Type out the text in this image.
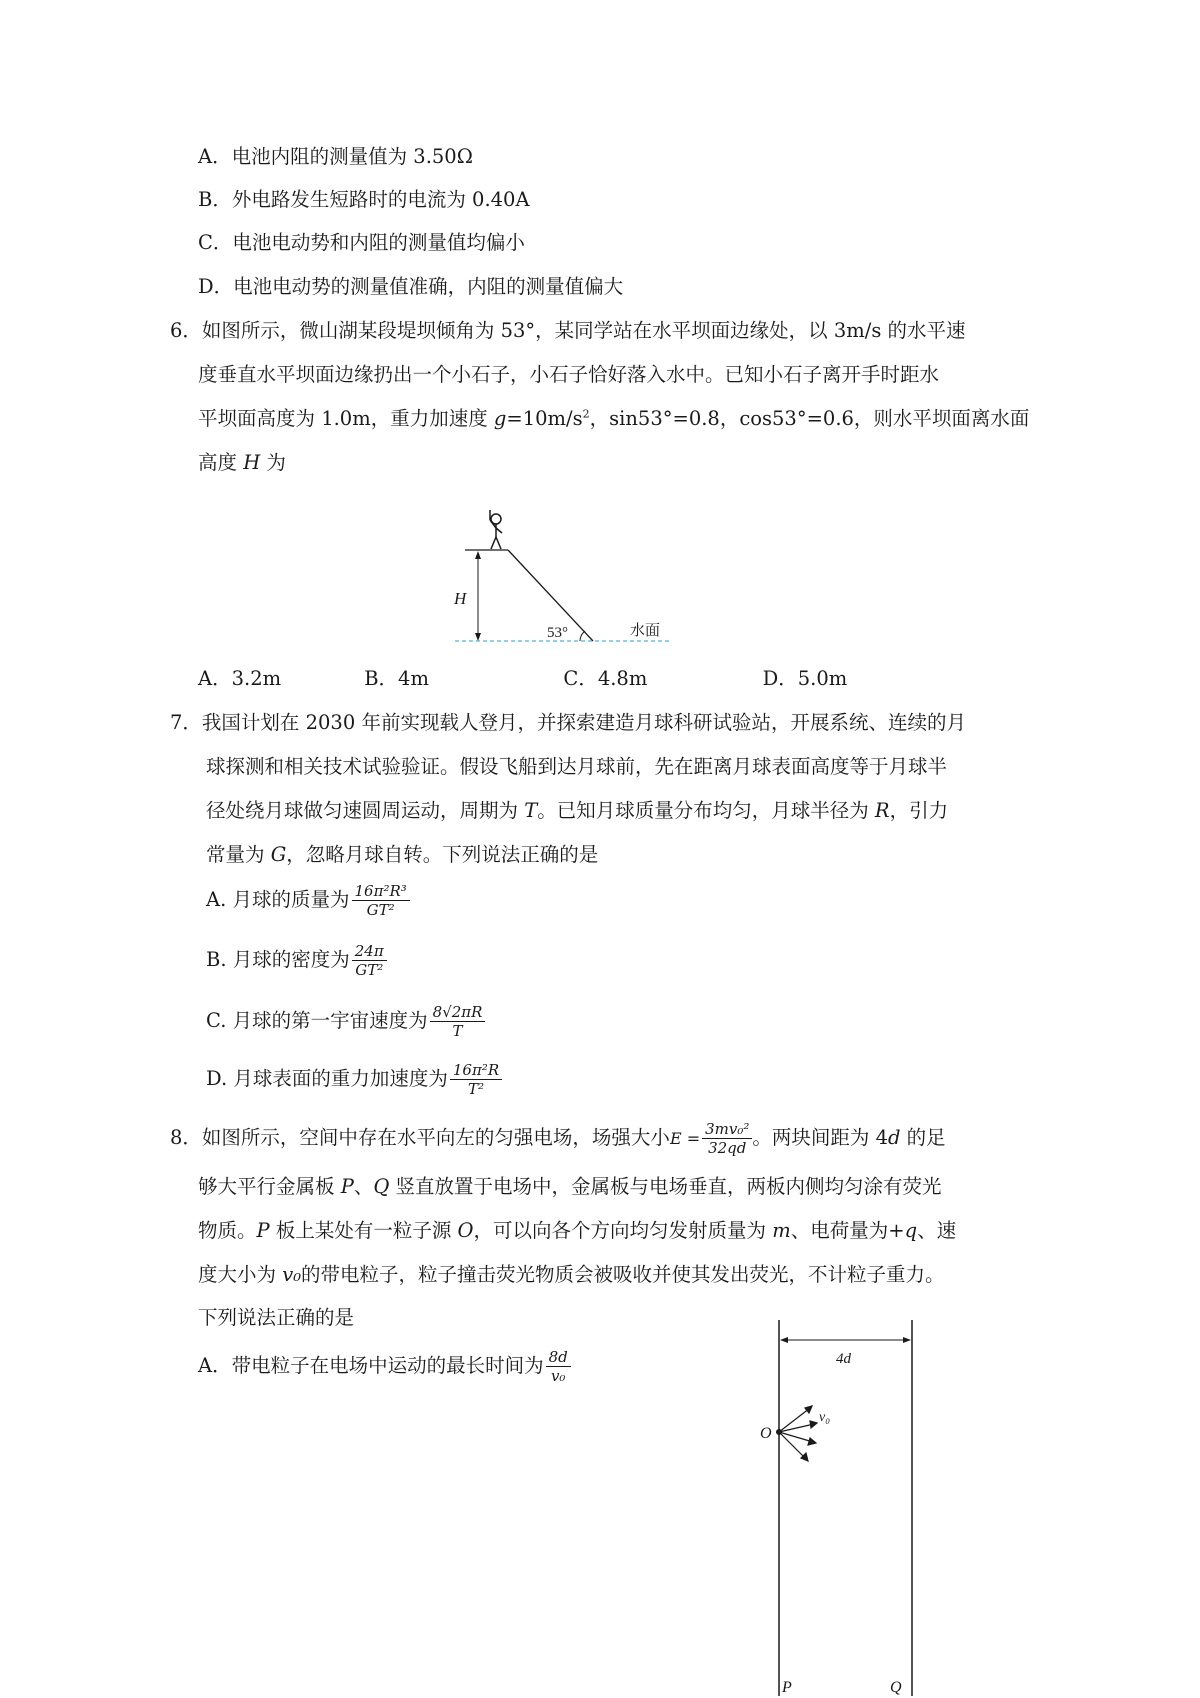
A．电池内阻的测量值为 3.50Ω
B．外电路发生短路时的电流为 0.40A
C．电池电动势和内阻的测量值均偏小
D．电池电动势的测量值准确，内阻的测量值偏大
6．如图所示，微山湖某段堤坝倾角为 53°，某同学站在水平坝面边缘处，以 3m/s 的水平速
度垂直水平坝面边缘扔出一个小石子，小石子恰好落入水中。已知小石子离开手时距水
平坝面高度为 1.0m，重力加速度 $g=10m/s^2$，sin53°=0.8，cos53°=0.6，则水平坝面离水面
高度 H 为
H
53°	水面
A．3.2m	B．4m	C．4.8m	D．5.0m
7．我国计划在 2030 年前实现载人登月，并探索建造月球科研试验站，开展系统、连续的月
球探测和相关技术试验验证。假设飞船到达月球前，先在距离月球表面高度等于月球半
径处绕月球做匀速圆周运动，周期为 T。已知月球质量分布均匀，月球半径为 R，引力
常量为 G，忽略月球自转。下列说法正确的是
A. 月球的质量为 $\frac{\text{16π²R³}}{\text{GT²}}$
B. 月球的密度为 $\frac{24\pi}{\text{GT²}}$
C. 月球的第一宇宙速度为 $\frac{8√2\pi R}{T}$
D. 月球表面的重力加速度为 $\frac{\text{16π²R}}{\text{T²}}$
8．如图所示，空间中存在水平向左的匀强电场，场强大小$E = \frac{\text{3mv₀²}}{32qd}$ 。两块间距为 4d 的足
够大平行金属板 P、Q 竖直放置于电场中，金属板与电场垂直，两板内侧均匀涂有荧光
物质。P 板上某处有一粒子源 O，可以向各个方向均匀发射质量为 m、电荷量为+q、速
度大小为 v₀的带电粒子，粒子撞击荧光物质会被吸收并使其发出荧光，不计粒子重力。
下列说法正确的是
A．带电粒子在电场中运动的最长时间为 $\frac{8d}{\text{v₀}}$	4d
O
v₀
P	Q
